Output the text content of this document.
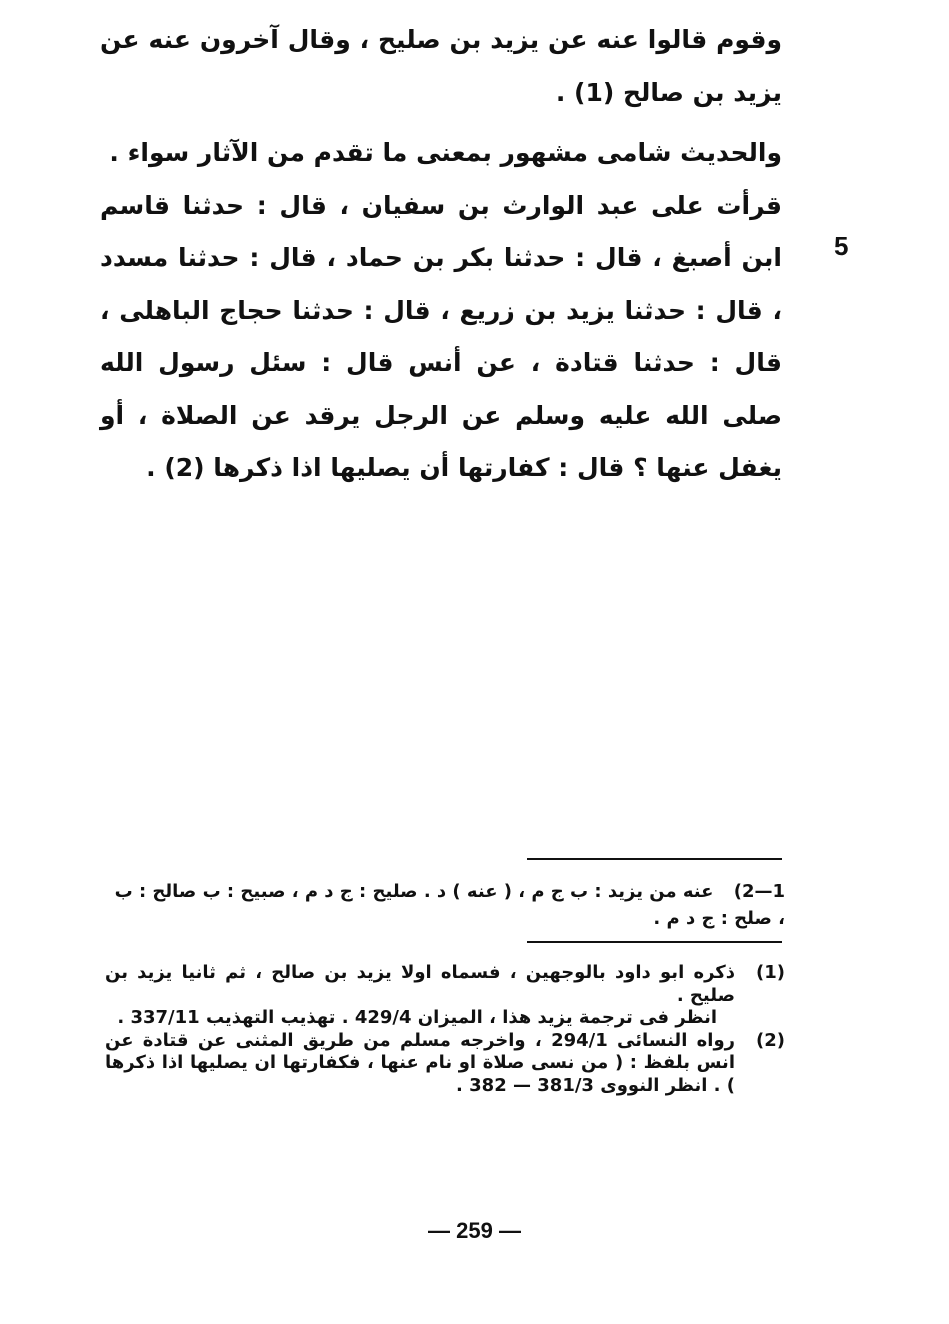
وقوم قالوا عنه عن يزيد بن صليح ، وقال آخرون عنه عن يزيد بن صالح (1) .

والحديث شامى مشهور بمعنى ما تقدم من الآثار سواء .

قرأت على عبد الوارث بن سفيان ، قال : حدثنا قاسم ابن أصبغ ، قال : حدثنا بكر بن حماد ، قال : حدثنا مسدد ، قال : حدثنا يزيد بن زريع ، قال : حدثنا حجاج الباهلى ، قال : حدثنا قتادة ، عن أنس قال : سئل رسول الله صلى الله عليه وسلم عن الرجل يرقد عن الصلاة ، أو يغفل عنها ؟ قال : كفارتها أن يصليها اذا ذكرها (2) .

5
1—2) عنه من يزيد : ب ج م ، ( عنه ) د . صليح : ج د م ، صبيح : ب صالح : ب ، صلح : ج د م .
(1)

ذكره ابو داود بالوجهين ، فسماه اولا يزيد بن صالح ، ثم ثانيا يزيد بن صليح .

انظر فى ترجمة يزيد هذا ، الميزان 429/4 . تهذيب التهذيب 337/11 .

(2)

رواه النسائى 294/1 ، واخرجه مسلم من طريق المثنى عن قتادة عن انس بلفظ : ( من نسى صلاة او نام عنها ، فكفارتها ان يصليها اذا ذكرها ) . انظر النووى 381/3 — 382 .

— 259 —
